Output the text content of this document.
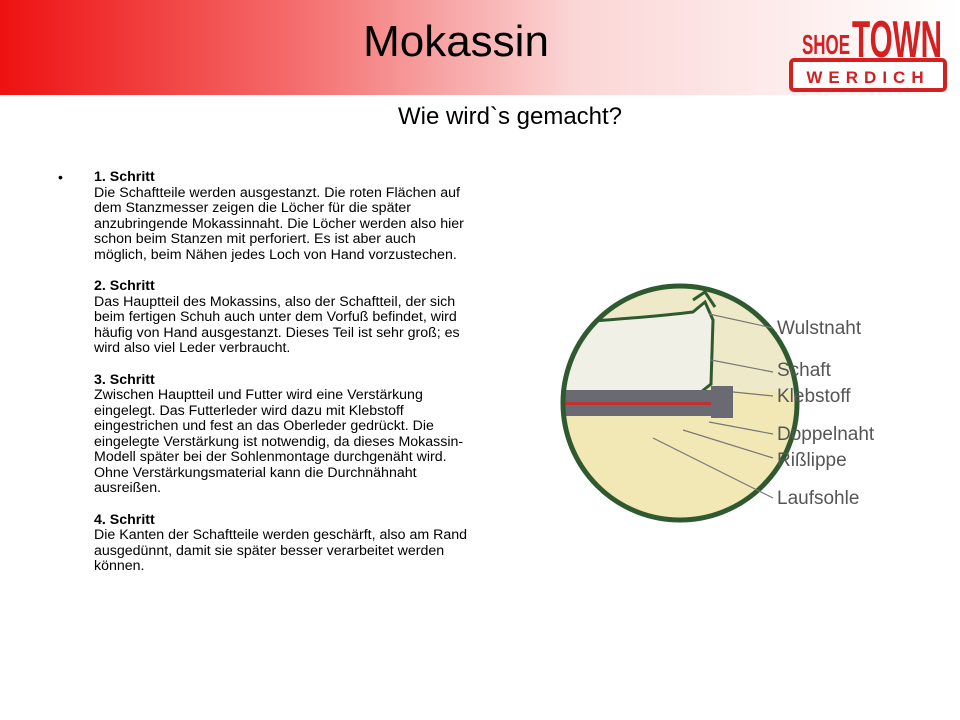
Mokassin	SHOE TOWN
WERDICH
Wie wird`s gemacht?
• 1. Schritt
Die Schaftteile werden ausgestanzt. Die roten Flächen auf dem Stanzmesser zeigen die Löcher für die später anzubringende Mokassinnaht. Die Löcher werden also hier schon beim Stanzen mit perforiert. Es ist aber auch möglich, beim Nähen jedes Loch von Hand vorzustechen.
2. Schritt
Das Hauptteil des Mokassins, also der Schaftteil, der sich beim fertigen Schuh auch unter dem Vorfuß befindet, wird häufig von Hand ausgestanzt. Dieses Teil ist sehr groß; es wird also viel Leder verbraucht.
3. Schritt
Zwischen Hauptteil und Futter wird eine Verstärkung eingelegt. Das Futterleder wird dazu mit Klebstoff eingestrichen und fest an das Oberleder gedrückt. Die eingelegte Verstärkung ist notwendig, da dieses Mokassin-Modell später bei der Sohlenmontage durchgenäht wird. Ohne Verstärkungsmaterial kann die Durchnähnaht ausreißen.
4. Schritt
Die Kanten der Schaftteile werden geschärft, also am Rand ausgedünnt, damit sie später besser verarbeitet werden können.
Wulstnaht
Schaft
Klebstoff
Doppelnaht
Rißlippe
Laufsohle
